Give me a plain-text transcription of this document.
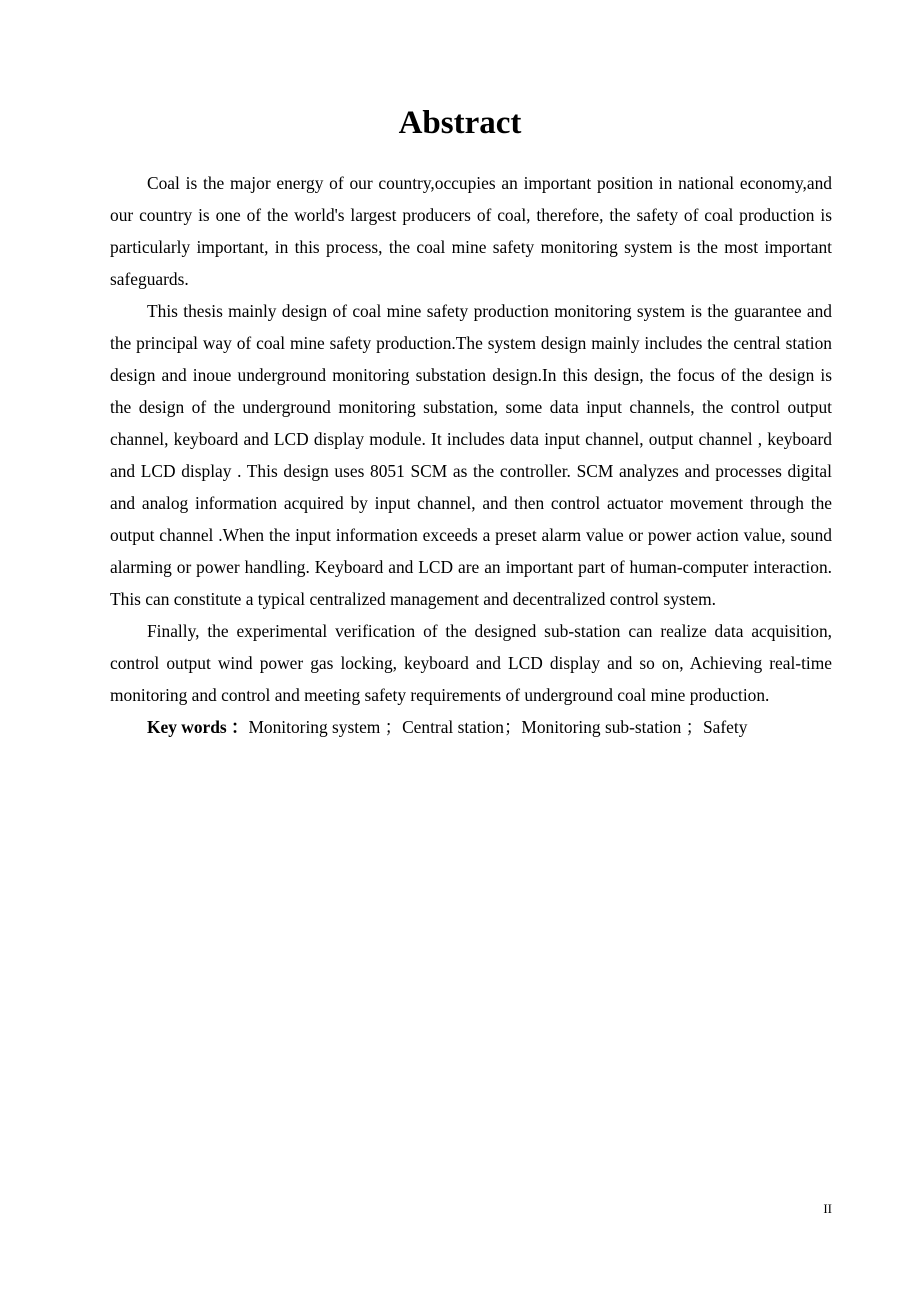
Abstract

Coal is the major energy of our country,occupies an important position in national economy,and our country is one of the world's largest producers of coal, therefore, the safety of coal production is particularly important, in this process, the coal mine safety monitoring system is the most important safeguards.

This thesis mainly design of coal mine safety production monitoring system is the guarantee and the principal way of coal mine safety production.The system design mainly includes the central station design and inoue underground monitoring substation design.In this design, the focus of the design is the design of the underground monitoring substation, some data input channels, the control output channel, keyboard and LCD display module. It includes data input channel, output channel , keyboard and LCD display . This design uses 8051 SCM as the controller. SCM analyzes and processes digital and analog information acquired by input channel, and then control actuator movement through the output channel .When the input information exceeds a preset alarm value or power action value, sound alarming or power handling. Keyboard and LCD are an important part of human-computer interaction. This can constitute a typical centralized management and decentralized control system.

Finally, the experimental verification of the designed sub-station can realize data acquisition, control output wind power gas locking, keyboard and LCD display and so on, Achieving real-time monitoring and control and meeting safety requirements of underground coal mine production.

Key words ：Monitoring system ；Central station；Monitoring sub-station ；Safety

II
